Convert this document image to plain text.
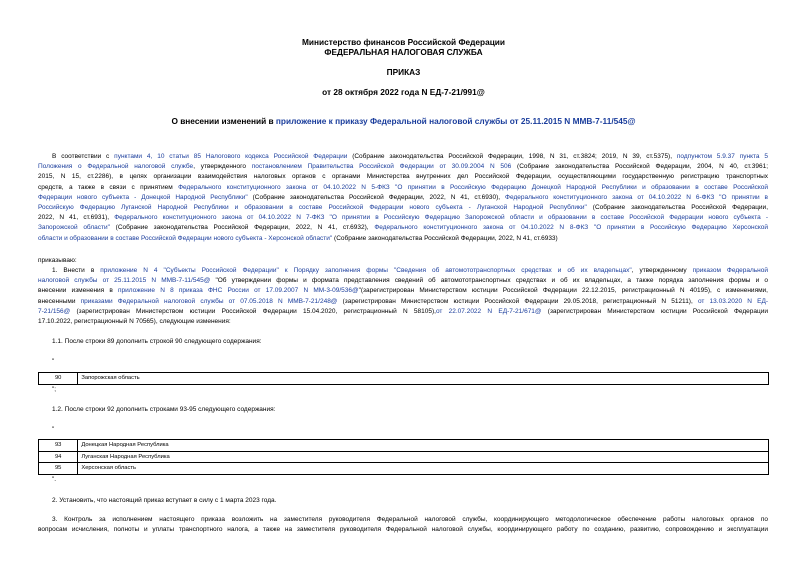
Министерство финансов Российской Федерации
ФЕДЕРАЛЬНАЯ НАЛОГОВАЯ СЛУЖБА
ПРИКАЗ
от 28 октября 2022 года N ЕД-7-21/991@
О внесении изменений в приложение к приказу Федеральной налоговой службы от 25.11.2015 N ММВ-7-11/545@
В соответствии с пунктами 4, 10 статьи 85 Налогового кодекса Российской Федерации (Собрание законодательства Российской Федерации, 1998, N 31, ст.3824; 2019, N 39, ст.5375), подпунктом 5.9.37 пункта 5
Положения о Федеральной налоговой службе, утвержденного постановлением Правительства Российской Федерации от 30.09.2004 N 506 (Собрание законодательства Российской Федерации, 2004, N 40, ст.3961;
2015, N 15, ст.2286), в целях организации взаимодействия налоговых органов с органами Министерства внутренних дел Российской Федерации, осуществляющими государственную регистрацию транспортных
средств, а также в связи с принятием Федерального конституционного закона от 04.10.2022 N 5-ФКЗ "О принятии в Российскую Федерацию Донецкой Народной Республики и образовании в составе Российской
Федерации нового субъекта - Донецкой Народной Республики" (Собрание законодательства Российской Федерации, 2022, N 41, ст.6930), Федерального конституционного закона от 04.10.2022 N 6-ФКЗ "О принятии в
Российскую Федерацию Луганской Народной Республики и образовании в составе Российской Федерации нового субъекта - Луганской Народной Республики" (Собрание законодательства Российской Федерации,
2022, N 41, ст.6931), Федерального конституционного закона от 04.10.2022 N 7-ФКЗ "О принятии в Российскую Федерацию Запорожской области и образовании в составе Российской Федерации нового субъекта -
Запорожской области" (Собрание законодательства Российской Федерации, 2022, N 41, ст.6932), Федерального конституционного закона от 04.10.2022 N 8-ФКЗ "О принятии в Российскую Федерацию Херсонской
области и образовании в составе Российской Федерации нового субъекта - Херсонской области" (Собрание законодательства Российской Федерации, 2022, N 41, ст.6933)
приказываю:
1. Внести в приложение N 4 "Субъекты Российской Федерации" к Порядку заполнения формы "Сведения об автомототранспортных средствах и об их владельцах", утвержденному приказом Федеральной
налоговой службы от 25.11.2015 N ММВ-7-11/545@ "Об утверждении формы и формата представления сведений об автомототранспортных средствах и об их владельцах, а также порядка заполнения формы и о
внесении изменения в приложение N 8 приказа ФНС России от 17.09.2007 N ММ-3-09/536@"(зарегистрирован Министерством юстиции Российской Федерации 22.12.2015, регистрационный N 40195), с изменениями,
внесенными приказами Федеральной налоговой службы от 07.05.2018 N ММВ-7-21/248@ (зарегистрирован Министерством юстиции Российской Федерации 29.05.2018, регистрационный N 51211), от 13.03.2020 N ЕД-
7-21/156@ (зарегистрирован Министерством юстиции Российской Федерации 15.04.2020, регистрационный N 58105),от 22.07.2022 N ЕД-7-21/671@ (зарегистрирован Министерством юстиции Российской Федерации
17.10.2022, регистрационный N 70565), следующие изменения:
1.1. После строки 89 дополнить строкой 90 следующего содержания:
"
90	Запорожская область
";
1.2. После строки 92 дополнить строками 93-95 следующего содержания:
"
93	Донецкая Народная Республика
94	Луганская Народная Республика
95	Херсонская область
".
2. Установить, что настоящий приказ вступает в силу с 1 марта 2023 года.
3. Контроль за исполнением настоящего приказа возложить на заместителя руководителя Федеральной налоговой службы, координирующего методологическое обеспечение работы налоговых органов по
вопросам исчисления, полноты и уплаты транспортного налога, а также на заместителя руководителя Федеральной налоговой службы, координирующего работу по созданию, развитию, сопровождению и эксплуатации
